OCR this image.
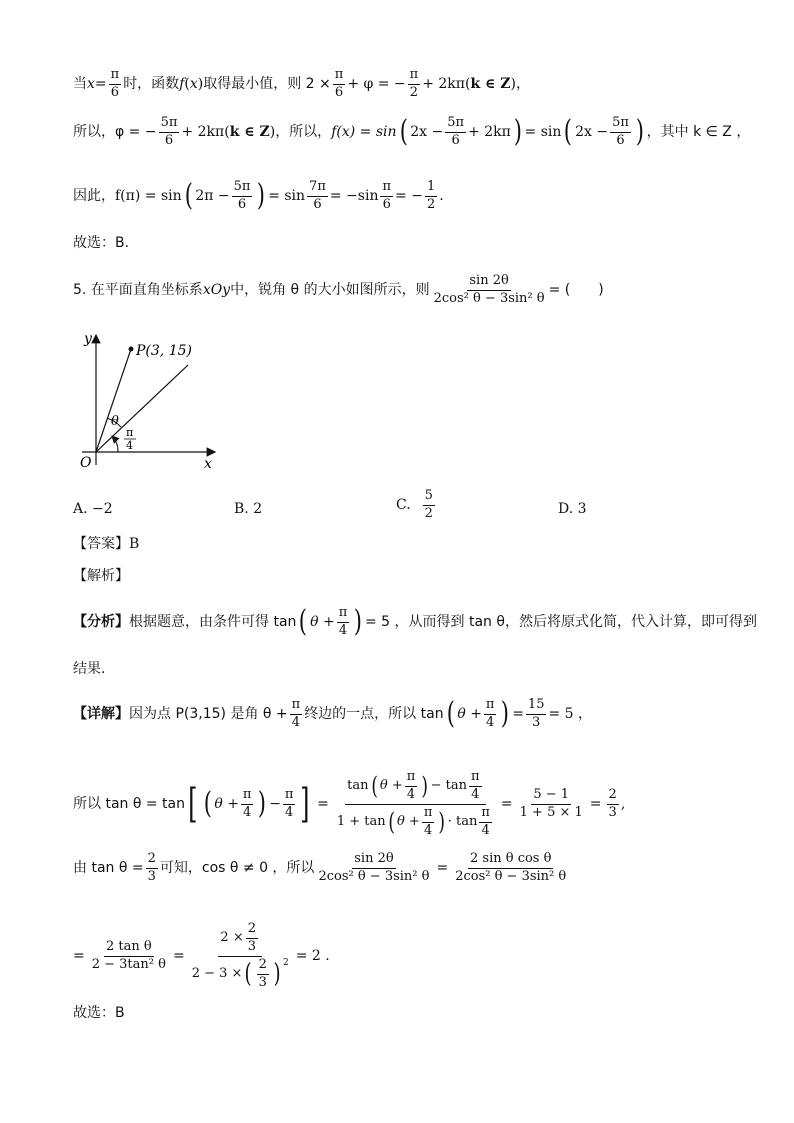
当 $x = \frac{\pi}{6}$ 时，函数 f ( x ) 取得最小值，则 $2 \times \frac{\pi}{6} + \varphi$ = − $\frac{\pi}{2} + 2k\pi$ ( k ∈ Z ) ，
所以，φ = − $\frac{5\pi}{6} + 2k\pi$ ( k ∈ Z ) ，所以， f(x) = sin ( $2x - \frac{5\pi}{6} + 2k\pi$ ) = sin ( $2x - \frac{5\pi}{6}$ ) ，其中 k ∈ Z ，
因此， f(π) = sin ( $2\pi - \frac{5\pi}{6}$ ) = $\sin \frac{7\pi}{6} = -\sin \frac{\pi}{6}$ = − $\frac{1}{2}$ .
故选：B.
5. 在平面直角坐标系 xOy 中，锐角 θ 的大小如图所示，则 $\frac{\sin 2\theta}{\text{2cos² θ − 3sin² θ}}$ = (　　)
P(3, 15)
θ
π
4
O	x
y
A. −2	B. 2	C. $\frac{5}{2}$	D. 3
【答案】 B
【解析】
【分析】 根据题意，由条件可得 tan ( $\theta + \frac{\pi}{4}$ ) = 5 ，从而得到 tan θ，然后将原式化简，代入计算，即可得到
结果.
【详解】 因为点 P(3,15) 是角 $\theta + \frac{\pi}{4}$ 终边的一点，所以 tan ( $\theta + \frac{\pi}{4}$ ) = $\frac{15}{3} = 5$ ，
所以 tan θ = tan [ ( $\theta + \frac{\pi}{4}$ ) − $\frac{\pi}{4}$ ] =
tan ( $\theta + \frac{\pi}{4}$ ) − $\tan \frac{\pi}{4}$
1 + tan ( $\theta + \frac{\pi}{4}$ ) · $\tan \frac{\pi}{4}$
= $\frac{5 - 1}{1 + 5 \times 1} = \frac{2}{3}$ ,
由 $\tan \theta = \frac{2}{3}$ 可知，cos θ ≠ 0 ，所以 $\frac{\sin 2\theta}{\text{2cos² θ − 3sin² θ}} = \frac{\text{2 sin θ cos θ}}{\text{2cos² θ − 3sin² θ}}$
= $\frac{\text{2 tan θ}}{\text{2 − 3tan² θ}} = \frac{2 \times \frac{2}{3}}{2 - 3 \times ( \frac{2}{3} ) 2} = 2$ .
故选：B
